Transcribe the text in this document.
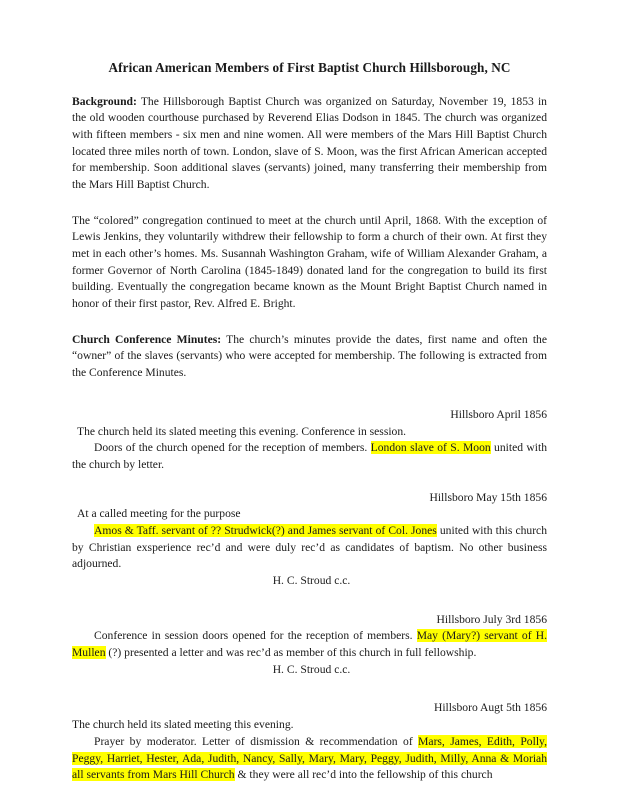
African American Members of First Baptist Church Hillsborough, NC

Background: The Hillsborough Baptist Church was organized on Saturday, November 19, 1853 in the old wooden courthouse purchased by Reverend Elias Dodson in 1845. The church was organized with fifteen members - six men and nine women. All were members of the Mars Hill Baptist Church located three miles north of town. London, slave of S. Moon, was the first African American accepted for membership. Soon additional slaves (servants) joined, many transferring their membership from the Mars Hill Baptist Church.

The “colored” congregation continued to meet at the church until April, 1868. With the exception of Lewis Jenkins, they voluntarily withdrew their fellowship to form a church of their own. At first they met in each other’s homes. Ms. Susannah Washington Graham, wife of William Alexander Graham, a former Governor of North Carolina (1845-1849) donated land for the congregation to build its first building. Eventually the congregation became known as the Mount Bright Baptist Church named in honor of their first pastor, Rev. Alfred E. Bright.

Church Conference Minutes: The church’s minutes provide the dates, first name and often the “owner” of the slaves (servants) who were accepted for membership. The following is extracted from the Conference Minutes.

Hillsboro April 1856

The church held its slated meeting this evening. Conference in session.

Doors of the church opened for the reception of members. London slave of S. Moon united with the church by letter.

Hillsboro May 15th 1856

At a called meeting for the purpose

Amos & Taff. servant of ?? Strudwick(?) and James servant of Col. Jones united with this church by Christian exsperience rec’d and were duly rec’d as candidates of baptism. No other business adjourned.

H. C. Stroud c.c.

Hillsboro July 3rd 1856

Conference in session doors opened for the reception of members. May (Mary?) servant of H. Mullen (?) presented a letter and was rec’d as member of this church in full fellowship.

H. C. Stroud c.c.

Hillsboro Augt 5th 1856

The church held its slated meeting this evening.

Prayer by moderator. Letter of dismission & recommendation of Mars, James, Edith, Polly, Peggy, Harriet, Hester, Ada, Judith, Nancy, Sally, Mary, Mary, Peggy, Judith, Milly, Anna & Moriah all servants from Mars Hill Church & they were all rec’d into the fellowship of this church
